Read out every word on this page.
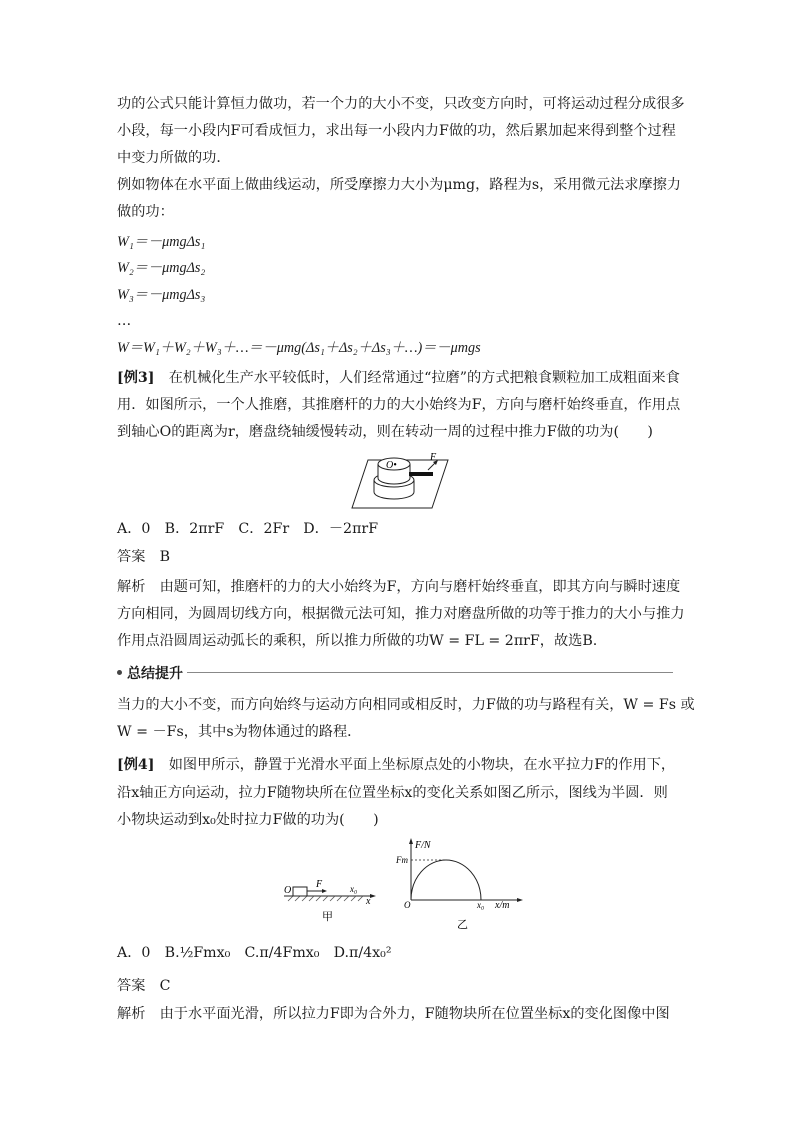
功的公式只能计算恒力做功，若一个力的大小不变，只改变方向时，可将运动过程分成很多
小段，每一小段内F可看成恒力，求出每一小段内力F做的功，然后累加起来得到整个过程
中变力所做的功．
例如物体在水平面上做曲线运动，所受摩擦力大小为μmg，路程为s，采用微元法求摩擦力
做的功：
W₁＝－μmgΔs₁
W₂＝－μmgΔs₂
W₃＝－μmgΔs₃
…
W＝W₁＋W₂＋W₃＋…＝－μmg(Δs₁＋Δs₂＋Δs₃＋…)＝－μmgs
[例3]　在机械化生产水平较低时，人们经常通过“拉磨”的方式把粮食颗粒加工成粗面来食
用．如图所示，一个人推磨，其推磨杆的力的大小始终为F，方向与磨杆始终垂直，作用点
到轴心O的距离为r，磨盘绕轴缓慢转动，则在转动一周的过程中推力F做的功为(　　)
O•
F
A．0　B．2πrF　C．2Fr　D．－2πrF
答案　B
解析　由题可知，推磨杆的力的大小始终为F，方向与磨杆始终垂直，即其方向与瞬时速度
方向相同，为圆周切线方向，根据微元法可知，推力对磨盘所做的功等于推力的大小与推力
作用点沿圆周运动弧长的乘积，所以推力所做的功W = FL = 2πrF，故选B.
总结提升
当力的大小不变，而方向始终与运动方向相同或相反时，力F做的功与路程有关，W = Fs 或
W = －Fs，其中s为物体通过的路程．
[例4]　如图甲所示，静置于光滑水平面上坐标原点处的小物块，在水平拉力F的作用下，
沿x轴正方向运动，拉力F随物块所在位置坐标x的变化关系如图乙所示，图线为半圆．则
小物块运动到x₀处时拉力F做的功为(　　)
O
F	x₀
x
甲
F/N
Fm
O	x₀ x/m
乙
A．0　B.½Fmx₀　C.π/4Fmx₀　D.π/4x₀²
答案　C
解析　由于水平面光滑，所以拉力F即为合外力，F随物块所在位置坐标x的变化图像中图
